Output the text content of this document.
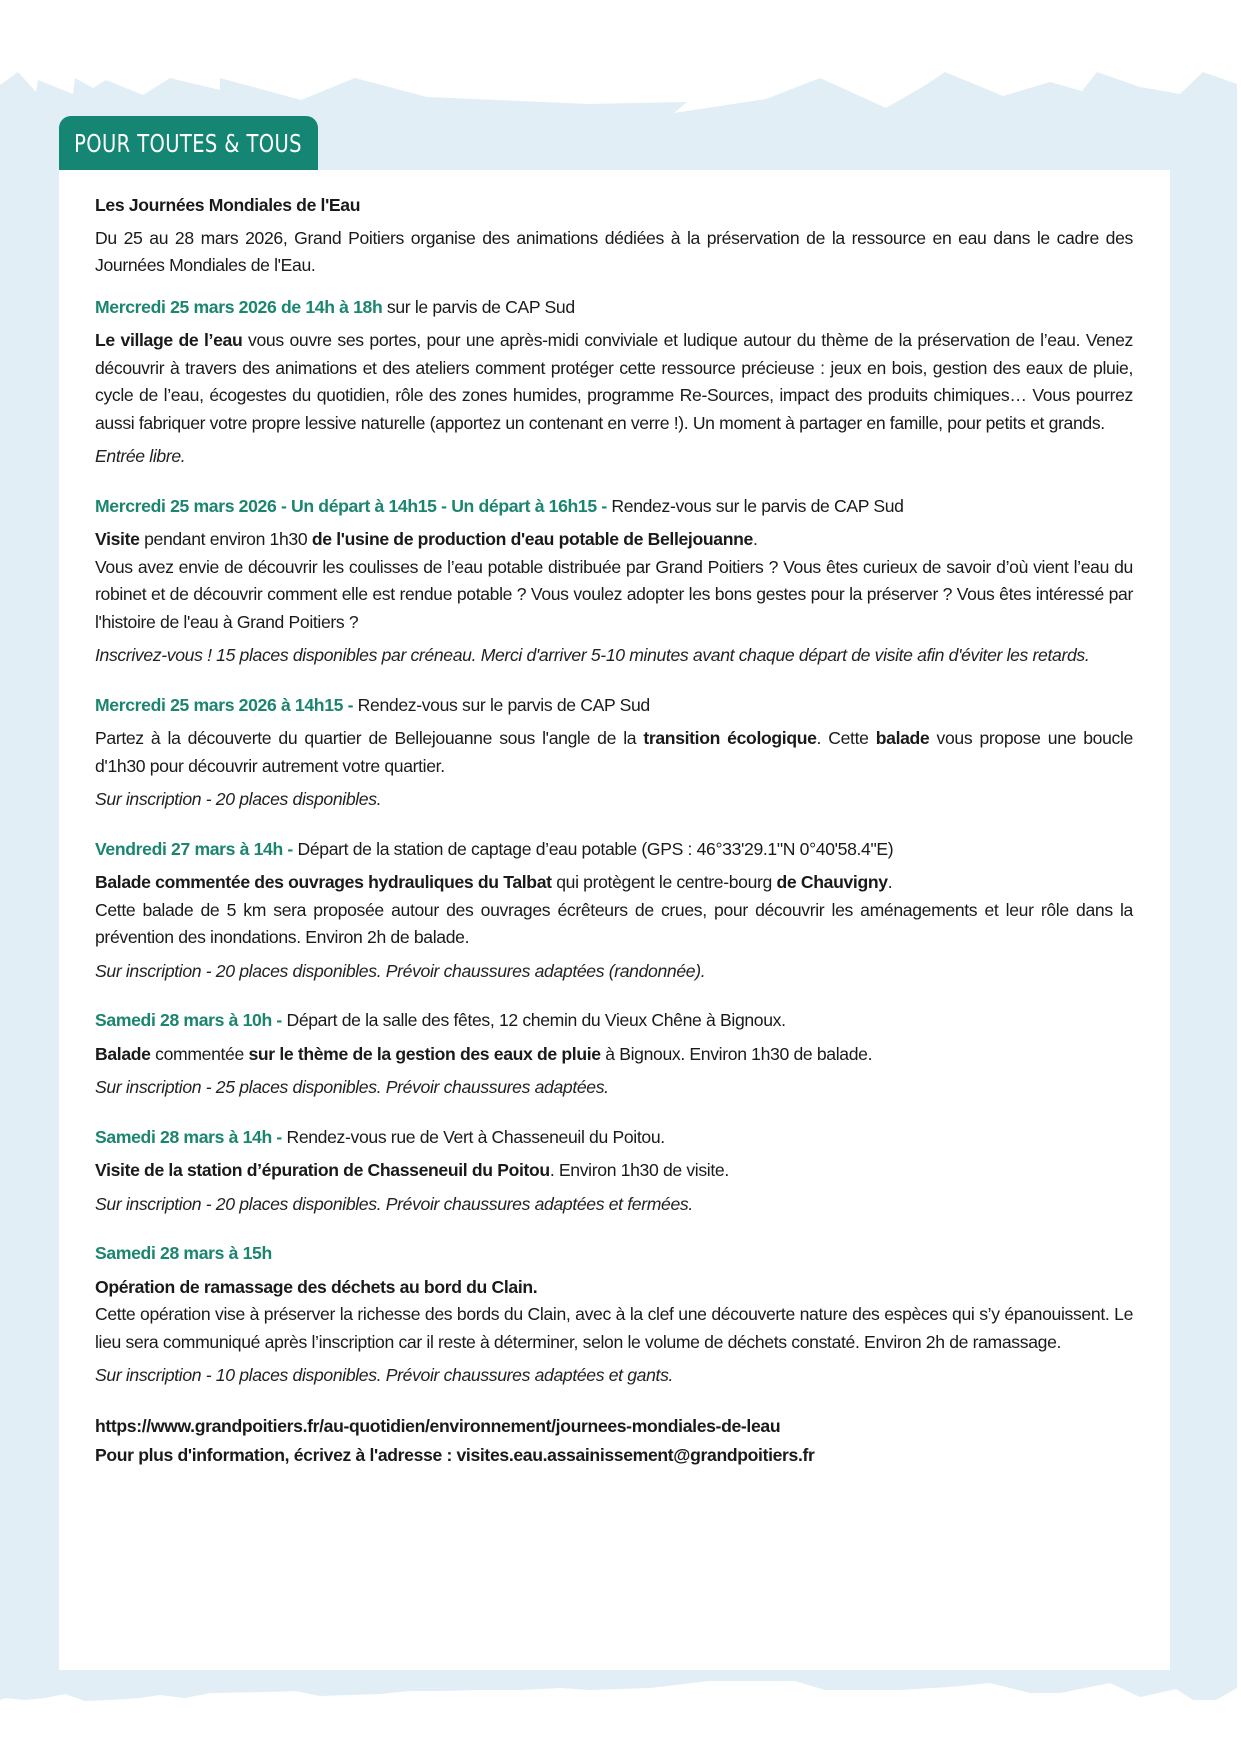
POUR TOUTES & TOUS

Les Journées Mondiales de l'Eau

Du 25 au 28 mars 2026, Grand Poitiers organise des animations dédiées à la préservation de la ressource en eau dans le cadre des Journées Mondiales de l'Eau.

Mercredi 25 mars 2026 de 14h à 18h sur le parvis de CAP Sud

Le village de l’eau vous ouvre ses portes, pour une après-midi conviviale et ludique autour du thème de la préservation de l’eau. Venez découvrir à travers des animations et des ateliers comment protéger cette ressource précieuse : jeux en bois, gestion des eaux de pluie, cycle de l’eau, écogestes du quotidien, rôle des zones humides, programme Re-Sources, impact des produits chimiques… Vous pourrez aussi fabriquer votre propre lessive naturelle (apportez un contenant en verre !). Un moment à partager en famille, pour petits et grands.

Entrée libre.

Mercredi 25 mars 2026 - Un départ à 14h15 - Un départ à 16h15 - Rendez-vous sur le parvis de CAP Sud

Visite pendant environ 1h30 de l'usine de production d'eau potable de Bellejouanne.

Vous avez envie de découvrir les coulisses de l’eau potable distribuée par Grand Poitiers ? Vous êtes curieux de savoir d’où vient l’eau du robinet et de découvrir comment elle est rendue potable ? Vous voulez adopter les bons gestes pour la préserver ? Vous êtes intéressé par l'histoire de l'eau à Grand Poitiers ?

Inscrivez-vous ! 15 places disponibles par créneau. Merci d'arriver 5-10 minutes avant chaque départ de visite afin d'éviter les retards.

Mercredi 25 mars 2026 à 14h15 - Rendez-vous sur le parvis de CAP Sud

Partez à la découverte du quartier de Bellejouanne sous l'angle de la transition écologique. Cette balade vous propose une boucle d'1h30 pour découvrir autrement votre quartier.

Sur inscription - 20 places disponibles.

Vendredi 27 mars à 14h - Départ de la station de captage d’eau potable (GPS : 46°33'29.1"N 0°40'58.4"E)

Balade commentée des ouvrages hydrauliques du Talbat qui protègent le centre-bourg de Chauvigny.

Cette balade de 5 km sera proposée autour des ouvrages écrêteurs de crues, pour découvrir les aménagements et leur rôle dans la prévention des inondations. Environ 2h de balade.

Sur inscription - 20 places disponibles. Prévoir chaussures adaptées (randonnée).

Samedi 28 mars à 10h - Départ de la salle des fêtes, 12 chemin du Vieux Chêne à Bignoux.

Balade commentée sur le thème de la gestion des eaux de pluie à Bignoux. Environ 1h30 de balade.

Sur inscription - 25 places disponibles. Prévoir chaussures adaptées.

Samedi 28 mars à 14h - Rendez-vous rue de Vert à Chasseneuil du Poitou.

Visite de la station d’épuration de Chasseneuil du Poitou. Environ 1h30 de visite.

Sur inscription - 20 places disponibles. Prévoir chaussures adaptées et fermées.

Samedi 28 mars à 15h

Opération de ramassage des déchets au bord du Clain.

Cette opération vise à préserver la richesse des bords du Clain, avec à la clef une découverte nature des espèces qui s’y épanouissent. Le lieu sera communiqué après l’inscription car il reste à déterminer, selon le volume de déchets constaté. Environ 2h de ramassage.

Sur inscription - 10 places disponibles. Prévoir chaussures adaptées et gants.

https://www.grandpoitiers.fr/au-quotidien/environnement/journees-mondiales-de-leau

Pour plus d'information, écrivez à l'adresse : visites.eau.assainissement@grandpoitiers.fr
